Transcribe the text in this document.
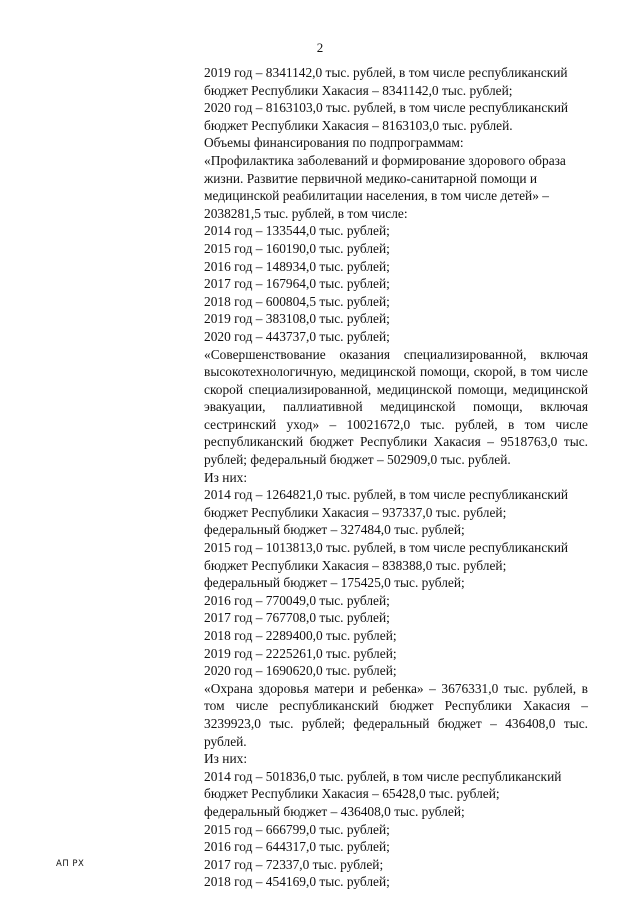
2

2019 год – 8341142,0 тыс. рублей, в том числе республиканский бюджет Республики Хакасия – 8341142,0 тыс. рублей;

2020 год – 8163103,0 тыс. рублей, в том числе республиканский бюджет Республики Хакасия – 8163103,0 тыс. рублей.

Объемы финансирования по подпрограммам:

«Профилактика заболеваний и формирование здорового образа жизни. Развитие первичной медико-санитарной помощи и медицинской реабилитации населения, в том числе детей» – 2038281,5 тыс. рублей, в том числе:

2014 год – 133544,0 тыс. рублей;

2015 год – 160190,0 тыс. рублей;

2016 год – 148934,0 тыс. рублей;

2017 год – 167964,0 тыс. рублей;

2018 год – 600804,5 тыс. рублей;

2019 год – 383108,0 тыс. рублей;

2020 год – 443737,0 тыс. рублей;

«Совершенствование оказания специализированной, включая высокотехнологичную, медицинской помощи, скорой, в том числе скорой специализированной, медицинской помощи, медицинской эвакуации, паллиативной медицинской помощи, включая сестринский уход» – 10021672,0 тыс. рублей, в том числе республиканский бюджет Республики Хакасия – 9518763,0 тыс. рублей; федеральный бюджет – 502909,0 тыс. рублей.

Из них:

2014 год – 1264821,0 тыс. рублей, в том числе республиканский бюджет Республики Хакасия – 937337,0 тыс. рублей;

федеральный бюджет – 327484,0 тыс. рублей;

2015 год – 1013813,0 тыс. рублей, в том числе республиканский бюджет Республики Хакасия – 838388,0 тыс. рублей;

федеральный бюджет – 175425,0 тыс. рублей;

2016 год – 770049,0 тыс. рублей;

2017 год – 767708,0 тыс. рублей;

2018 год – 2289400,0 тыс. рублей;

2019 год – 2225261,0 тыс. рублей;

2020 год – 1690620,0 тыс. рублей;

«Охрана здоровья матери и ребенка» – 3676331,0 тыс. рублей, в том числе республиканский бюджет Республики Хакасия – 3239923,0 тыс. рублей; федеральный бюджет – 436408,0 тыс. рублей.

Из них:

2014 год – 501836,0 тыс. рублей, в том числе республиканский бюджет Республики Хакасия – 65428,0 тыс. рублей;

федеральный бюджет – 436408,0 тыс. рублей;

2015 год – 666799,0 тыс. рублей;

2016 год – 644317,0 тыс. рублей;

2017 год – 72337,0 тыс. рублей;

2018 год – 454169,0 тыс. рублей;

АП РХ
